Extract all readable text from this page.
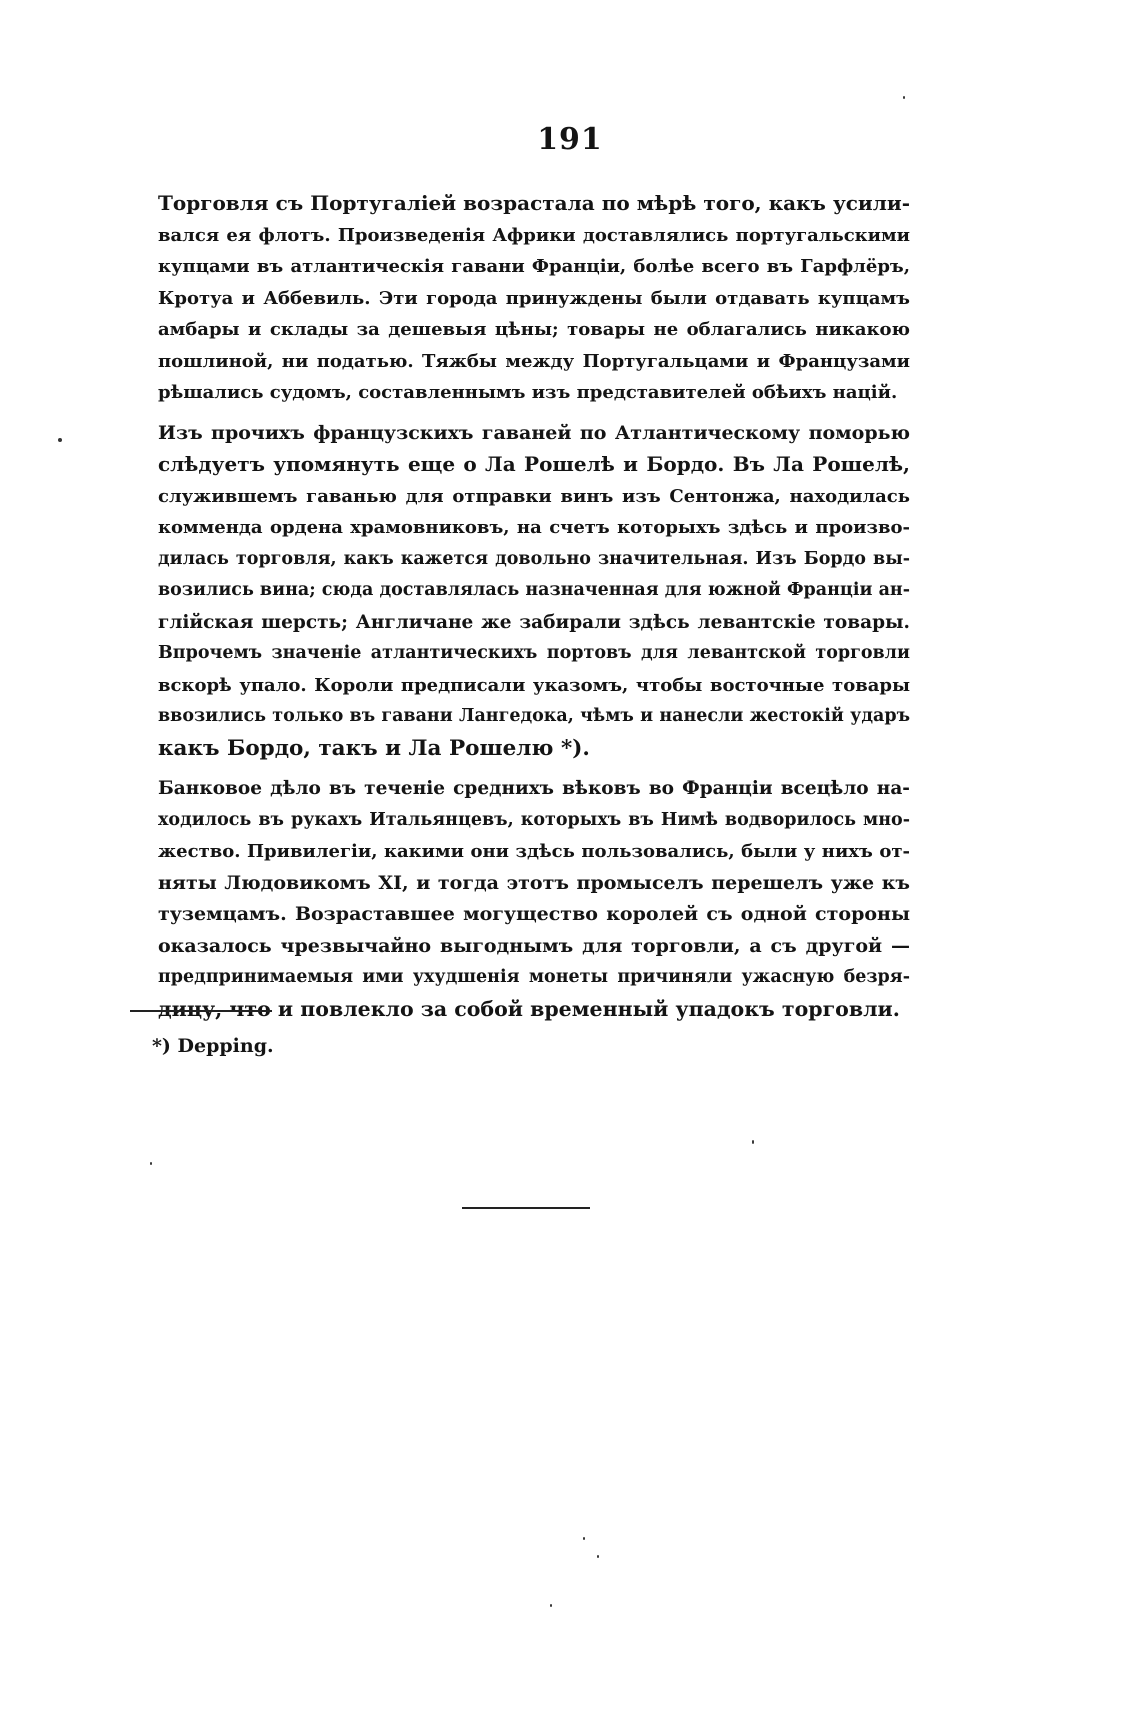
191
Торговля съ Португаліей возрастала по мѣрѣ того, какъ усили-
вался ея флотъ. Произведенія Африки доставлялись португальскими
купцами въ атлантическія гавани Франціи, болѣе всего въ Гарфлёръ,
Кротуа и Аббевиль. Эти города принуждены были отдавать купцамъ
амбары и склады за дешевыя цѣны; товары не облагались никакою
пошлиной, ни податью. Тяжбы между Португальцами и Французами
рѣшались судомъ, составленнымъ изъ представителей обѣихъ націй.
Изъ прочихъ французскихъ гаваней по Атлантическому поморью
слѣдуетъ упомянуть еще о Ла Рошелѣ и Бордо. Въ Ла Рошелѣ,
служившемъ гаванью для отправки винъ изъ Сентонжа, находилась
коммендa ордена храмовниковъ, на счетъ которыхъ здѣсь и произво-
дилась торговля, какъ кажется довольно значительная. Изъ Бордо вы-
возились вина; сюда доставлялась назначенная для южной Франціи ан-
глійская шерсть; Англичане же забирали здѣсь левантскіе товары.
Впрочемъ значеніе атлантическихъ портовъ для левантской торговли
вскорѣ упало. Короли предписали указомъ, чтобы восточные товары
ввозились только въ гавани Лангедока, чѣмъ и нанесли жестокій ударъ
какъ Бордо, такъ и Ла Рошелю *).
Банковое дѣло въ теченіе среднихъ вѣковъ во Франціи всецѣло на-
ходилось въ рукахъ Итальянцевъ, которыхъ въ Нимѣ водворилось мно-
жество. Привилегіи, какими они здѣсь пользовались, были у нихъ от-
няты Людовикомъ XI, и тогда этотъ промыселъ перешелъ уже къ
туземцамъ. Возраставшее могущество королей съ одной стороны
оказалось чрезвычайно выгоднымъ для торговли, а съ другой —
предпринимаемыя ими ухудшенія монеты причиняли ужасную безря-
дицу, что и повлекло за собой временный упадокъ торговли.
*) Depping.
